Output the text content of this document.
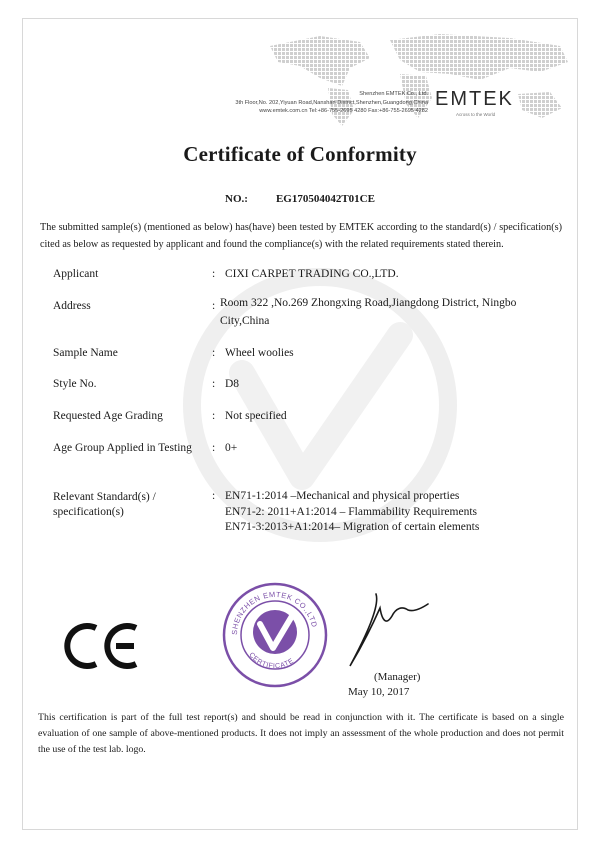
Shenzhen EMTEK Co., Ltd.
3th Floor,No. 202,Yiyuan Road,Nanshan District,Shenzhen,Guangdong,China
www.emtek.com.cn Tel:+86-755-2695 4280 Fax:+86-755-2695 4282
EMTEK
Across to the World
Certificate of Conformity
NO.:	EG170504042T01CE
The submitted sample(s) (mentioned as below) has(have) been tested by EMTEK according to the standard(s) / specification(s) cited as below as requested by applicant and found the compliance(s) with the related requirements stated therein.
Applicant	: CIXI CARPET TRADING CO.,LTD.
Address	: Room 322 ,No.269 Zhongxing Road,Jiangdong District, Ningbo City,China
Sample Name	: Wheel woolies
Style No.	: D8
Requested Age Grading	: Not specified
Age Group Applied in Testing : 0+
Relevant Standard(s) /
specification(s)
: EN71-1:2014 –Mechanical and physical properties
EN71-2: 2011+A1:2014 – Flammability Requirements
EN71-3:2013+A1:2014– Migration of certain elements
SHENZHEN EMTEK CO.,LTD
CERTIFICATE
(Manager)
May 10, 2017
This certification is part of the full test report(s) and should be read in conjunction with it. The certificate is based on a single evaluation of one sample of above-mentioned products. It does not imply an assessment of the whole production and does not permit the use of the test lab. logo.
